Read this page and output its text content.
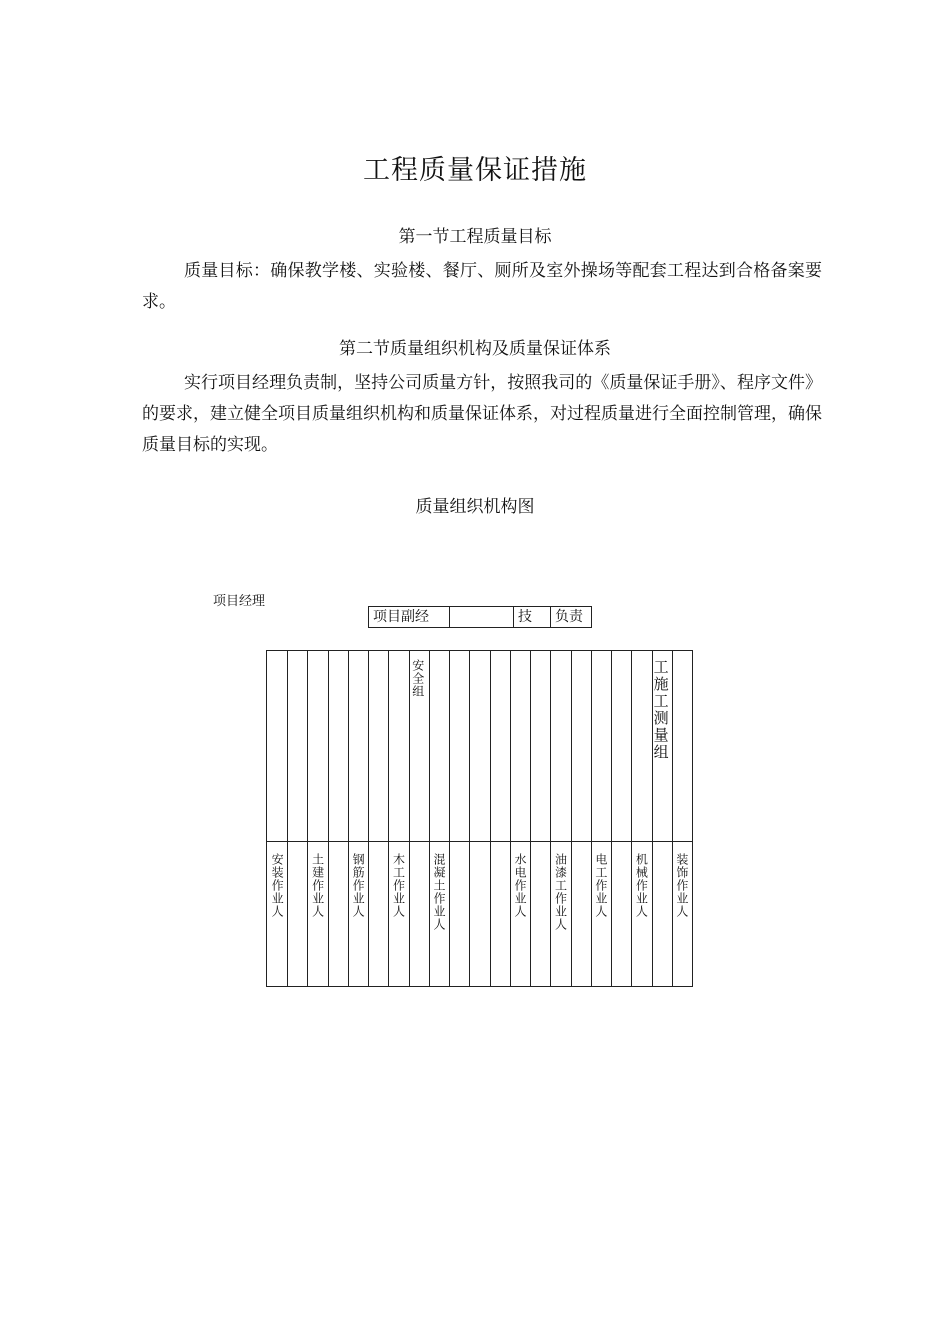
工程质量保证措施
第一节工程质量目标
质量目标：确保教学楼、实验楼、餐厅、厕所及室外操场等配套工程达到合格备案要求。
第二节质量组织机构及质量保证体系
实行项目经理负责制，坚持公司质量方针，按照我司的《质量保证手册》、程序文件》的要求，建立健全项目质量组织机构和质量保证体系，对过程质量进行全面控制管理，确保质量目标的实现。
质量组织机构图
项目经理
项目副经	技	负责
安全组	工施工测量组
安装作业人 土建作业人 钢筋作业人 木工作业人 混凝土作业人	水电作业人 油漆工作业人 电工作业人 机械作业人 装饰作业人
